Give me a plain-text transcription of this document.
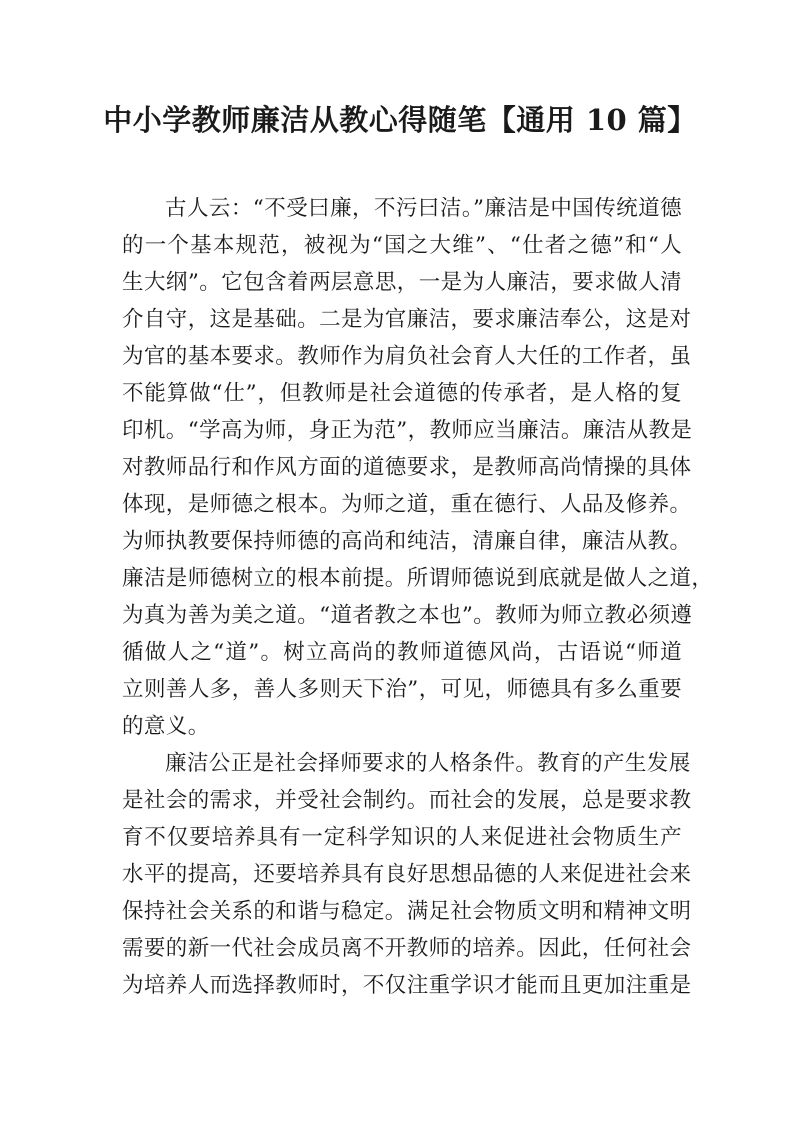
中小学教师廉洁从教心得随笔【通用 10 篇】
古人云：“不受曰廉，不污曰洁。”廉洁是中国传统道德
的一个基本规范，被视为“国之大维”、“仕者之德”和“人
生大纲”。它包含着两层意思，一是为人廉洁，要求做人清
介自守，这是基础。二是为官廉洁，要求廉洁奉公，这是对
为官的基本要求。教师作为肩负社会育人大任的工作者，虽
不能算做“仕”，但教师是社会道德的传承者，是人格的复
印机。“学高为师，身正为范”，教师应当廉洁。廉洁从教是
对教师品行和作风方面的道德要求，是教师高尚情操的具体
体现，是师德之根本。为师之道，重在德行、人品及修养。
为师执教要保持师德的高尚和纯洁，清廉自律，廉洁从教。
廉洁是师德树立的根本前提。所谓师德说到底就是做人之道，
为真为善为美之道。“道者教之本也”。教师为师立教必须遵
循做人之“道”。树立高尚的教师道德风尚，古语说“师道
立则善人多，善人多则天下治”，可见，师德具有多么重要
的意义。
廉洁公正是社会择师要求的人格条件。教育的产生发展
是社会的需求，并受社会制约。而社会的发展，总是要求教
育不仅要培养具有一定科学知识的人来促进社会物质生产
水平的提高，还要培养具有良好思想品德的人来促进社会来
保持社会关系的和谐与稳定。满足社会物质文明和精神文明
需要的新一代社会成员离不开教师的培养。因此，任何社会
为培养人而选择教师时，不仅注重学识才能而且更加注重是
